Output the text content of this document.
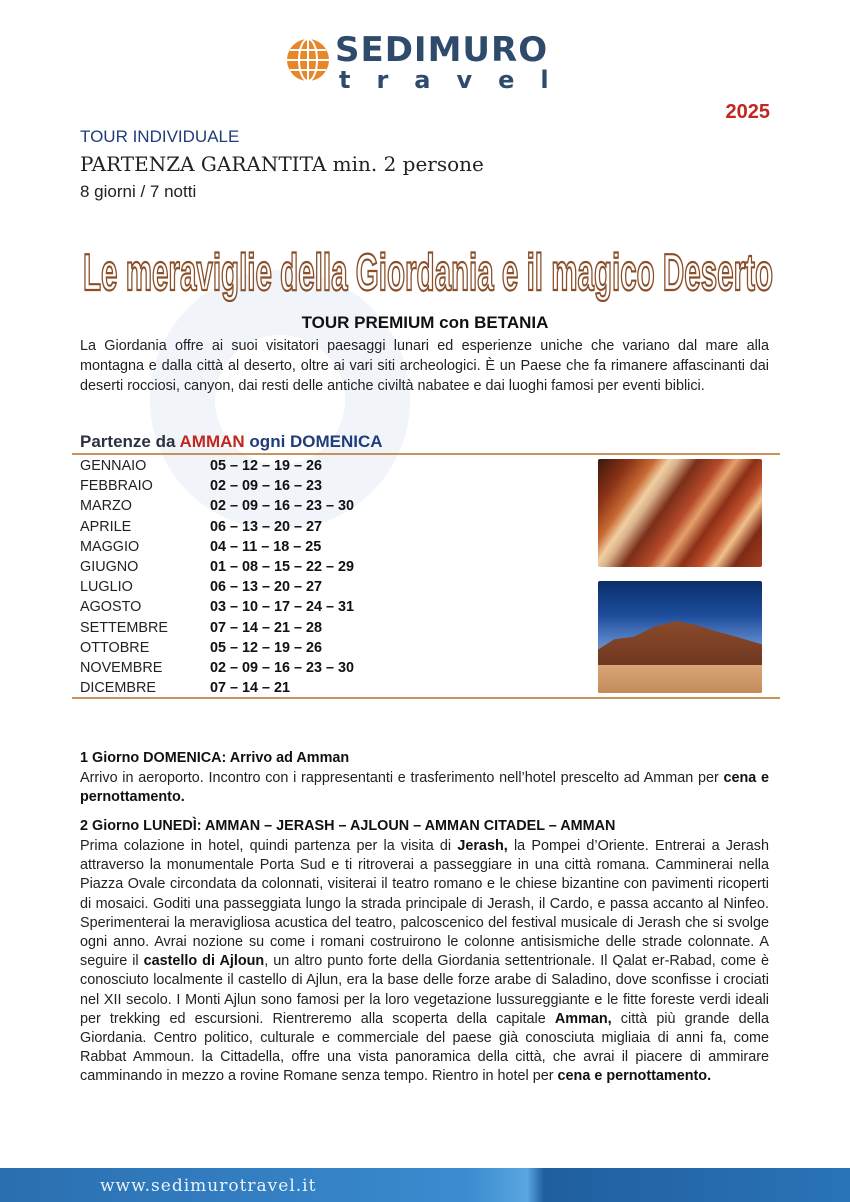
SEDIMURO
travel
2025
TOUR INDIVIDUALE
PARTENZA GARANTITA min. 2 persone
8 giorni / 7 notti
Le meraviglie della Giordania e il magico Deserto
TOUR PREMIUM con BETANIA
La Giordania offre ai suoi visitatori paesaggi lunari ed esperienze uniche che variano dal mare alla montagna e dalla città al deserto, oltre ai vari siti archeologici. È un Paese che fa rimanere affascinanti dai deserti rocciosi, canyon, dai resti delle antiche civiltà nabatee e dai luoghi famosi per eventi biblici.
Partenze da AMMAN ogni DOMENICA
GENNAIO	05 – 12 – 19 – 26
FEBBRAIO	02 – 09 – 16 – 23
MARZO	02 – 09 – 16 – 23 – 30
APRILE	06 – 13 – 20 – 27
MAGGIO	04 – 11 – 18 – 25
GIUGNO	01 – 08 – 15 – 22 – 29
LUGLIO	06 – 13 – 20 – 27
AGOSTO	03 – 10 – 17 – 24 – 31
SETTEMBRE	07 – 14 – 21 – 28
OTTOBRE	05 – 12 – 19 – 26
NOVEMBRE	02 – 09 – 16 – 23 – 30
DICEMBRE	07 – 14 – 21
1 Giorno DOMENICA: Arrivo ad Amman
Arrivo in aeroporto. Incontro con i rappresentanti e trasferimento nell’hotel prescelto ad Amman per cena e pernottamento.
2 Giorno LUNEDÌ: AMMAN – JERASH – AJLOUN – AMMAN CITADEL – AMMAN
Prima colazione in hotel, quindi partenza per la visita di Jerash, la Pompei d’Oriente. Entrerai a Jerash attraverso la monumentale Porta Sud e ti ritroverai a passeggiare in una città romana. Camminerai nella Piazza Ovale circondata da colonnati, visiterai il teatro romano e le chiese bizantine con pavimenti ricoperti di mosaici. Goditi una passeggiata lungo la strada principale di Jerash, il Cardo, e passa accanto al Ninfeo. Sperimenterai la meravigliosa acustica del teatro, palcoscenico del festival musicale di Jerash che si svolge ogni anno. Avrai nozione su come i romani costruirono le colonne antisismiche delle strade colonnate. A seguire il castello di Ajloun, un altro punto forte della Giordania settentrionale. Il Qalat er-Rabad, come è conosciuto localmente il castello di Ajlun, era la base delle forze arabe di Saladino, dove sconfisse i crociati nel XII secolo. I Monti Ajlun sono famosi per la loro vegetazione lussureggiante e le fitte foreste verdi ideali per trekking ed escursioni. Rientreremo alla scoperta della capitale Amman, città più grande della Giordania. Centro politico, culturale e commerciale del paese già conosciuta migliaia di anni fa, come Rabbat Ammoun. la Cittadella, offre una vista panoramica della città, che avrai il piacere di ammirare camminando in mezzo a rovine Romane senza tempo. Rientro in hotel per cena e pernottamento.
www.sedimurotravel.it
